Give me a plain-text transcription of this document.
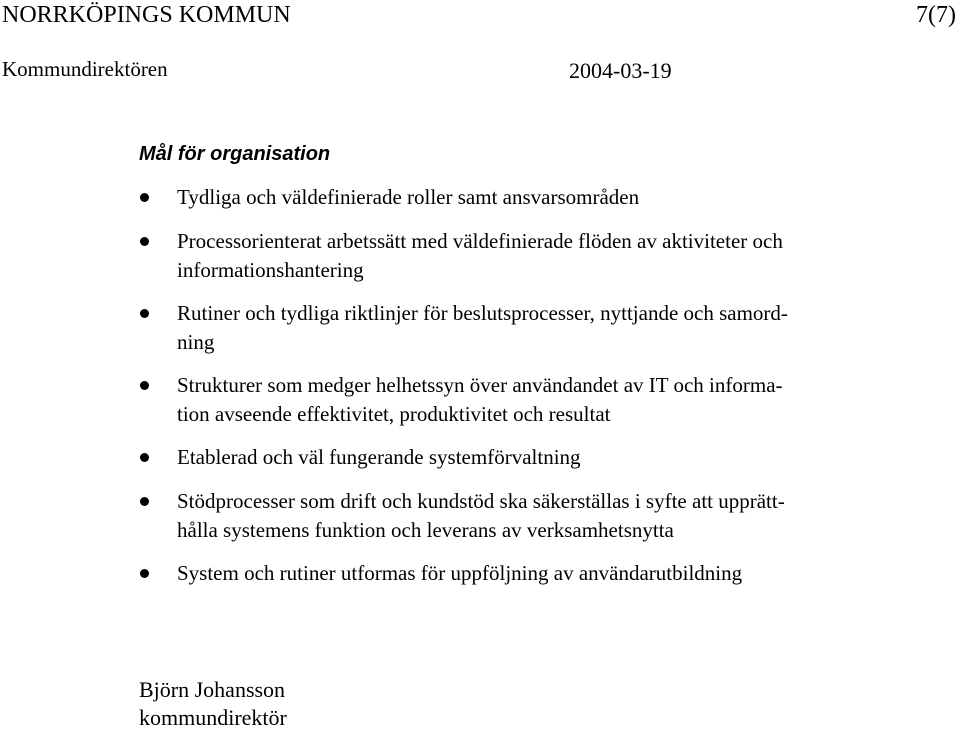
NORRKÖPINGS KOMMUN	7(7)
Kommundirektören	2004-03-19
Mål för organisation
Tydliga och väldefinierade roller samt ansvarsområden
Processorienterat arbetssätt med väldefinierade flöden av aktiviteter och
informationshantering
Rutiner och tydliga riktlinjer för beslutsprocesser, nyttjande och samord-
ning
Strukturer som medger helhetssyn över användandet av IT och informa-
tion avseende effektivitet, produktivitet och resultat
Etablerad och väl fungerande systemförvaltning
Stödprocesser som drift och kundstöd ska säkerställas i syfte att upprätt-
hålla systemens funktion och leverans av verksamhetsnytta
System och rutiner utformas för uppföljning av användarutbildning
Björn Johansson
kommundirektör
